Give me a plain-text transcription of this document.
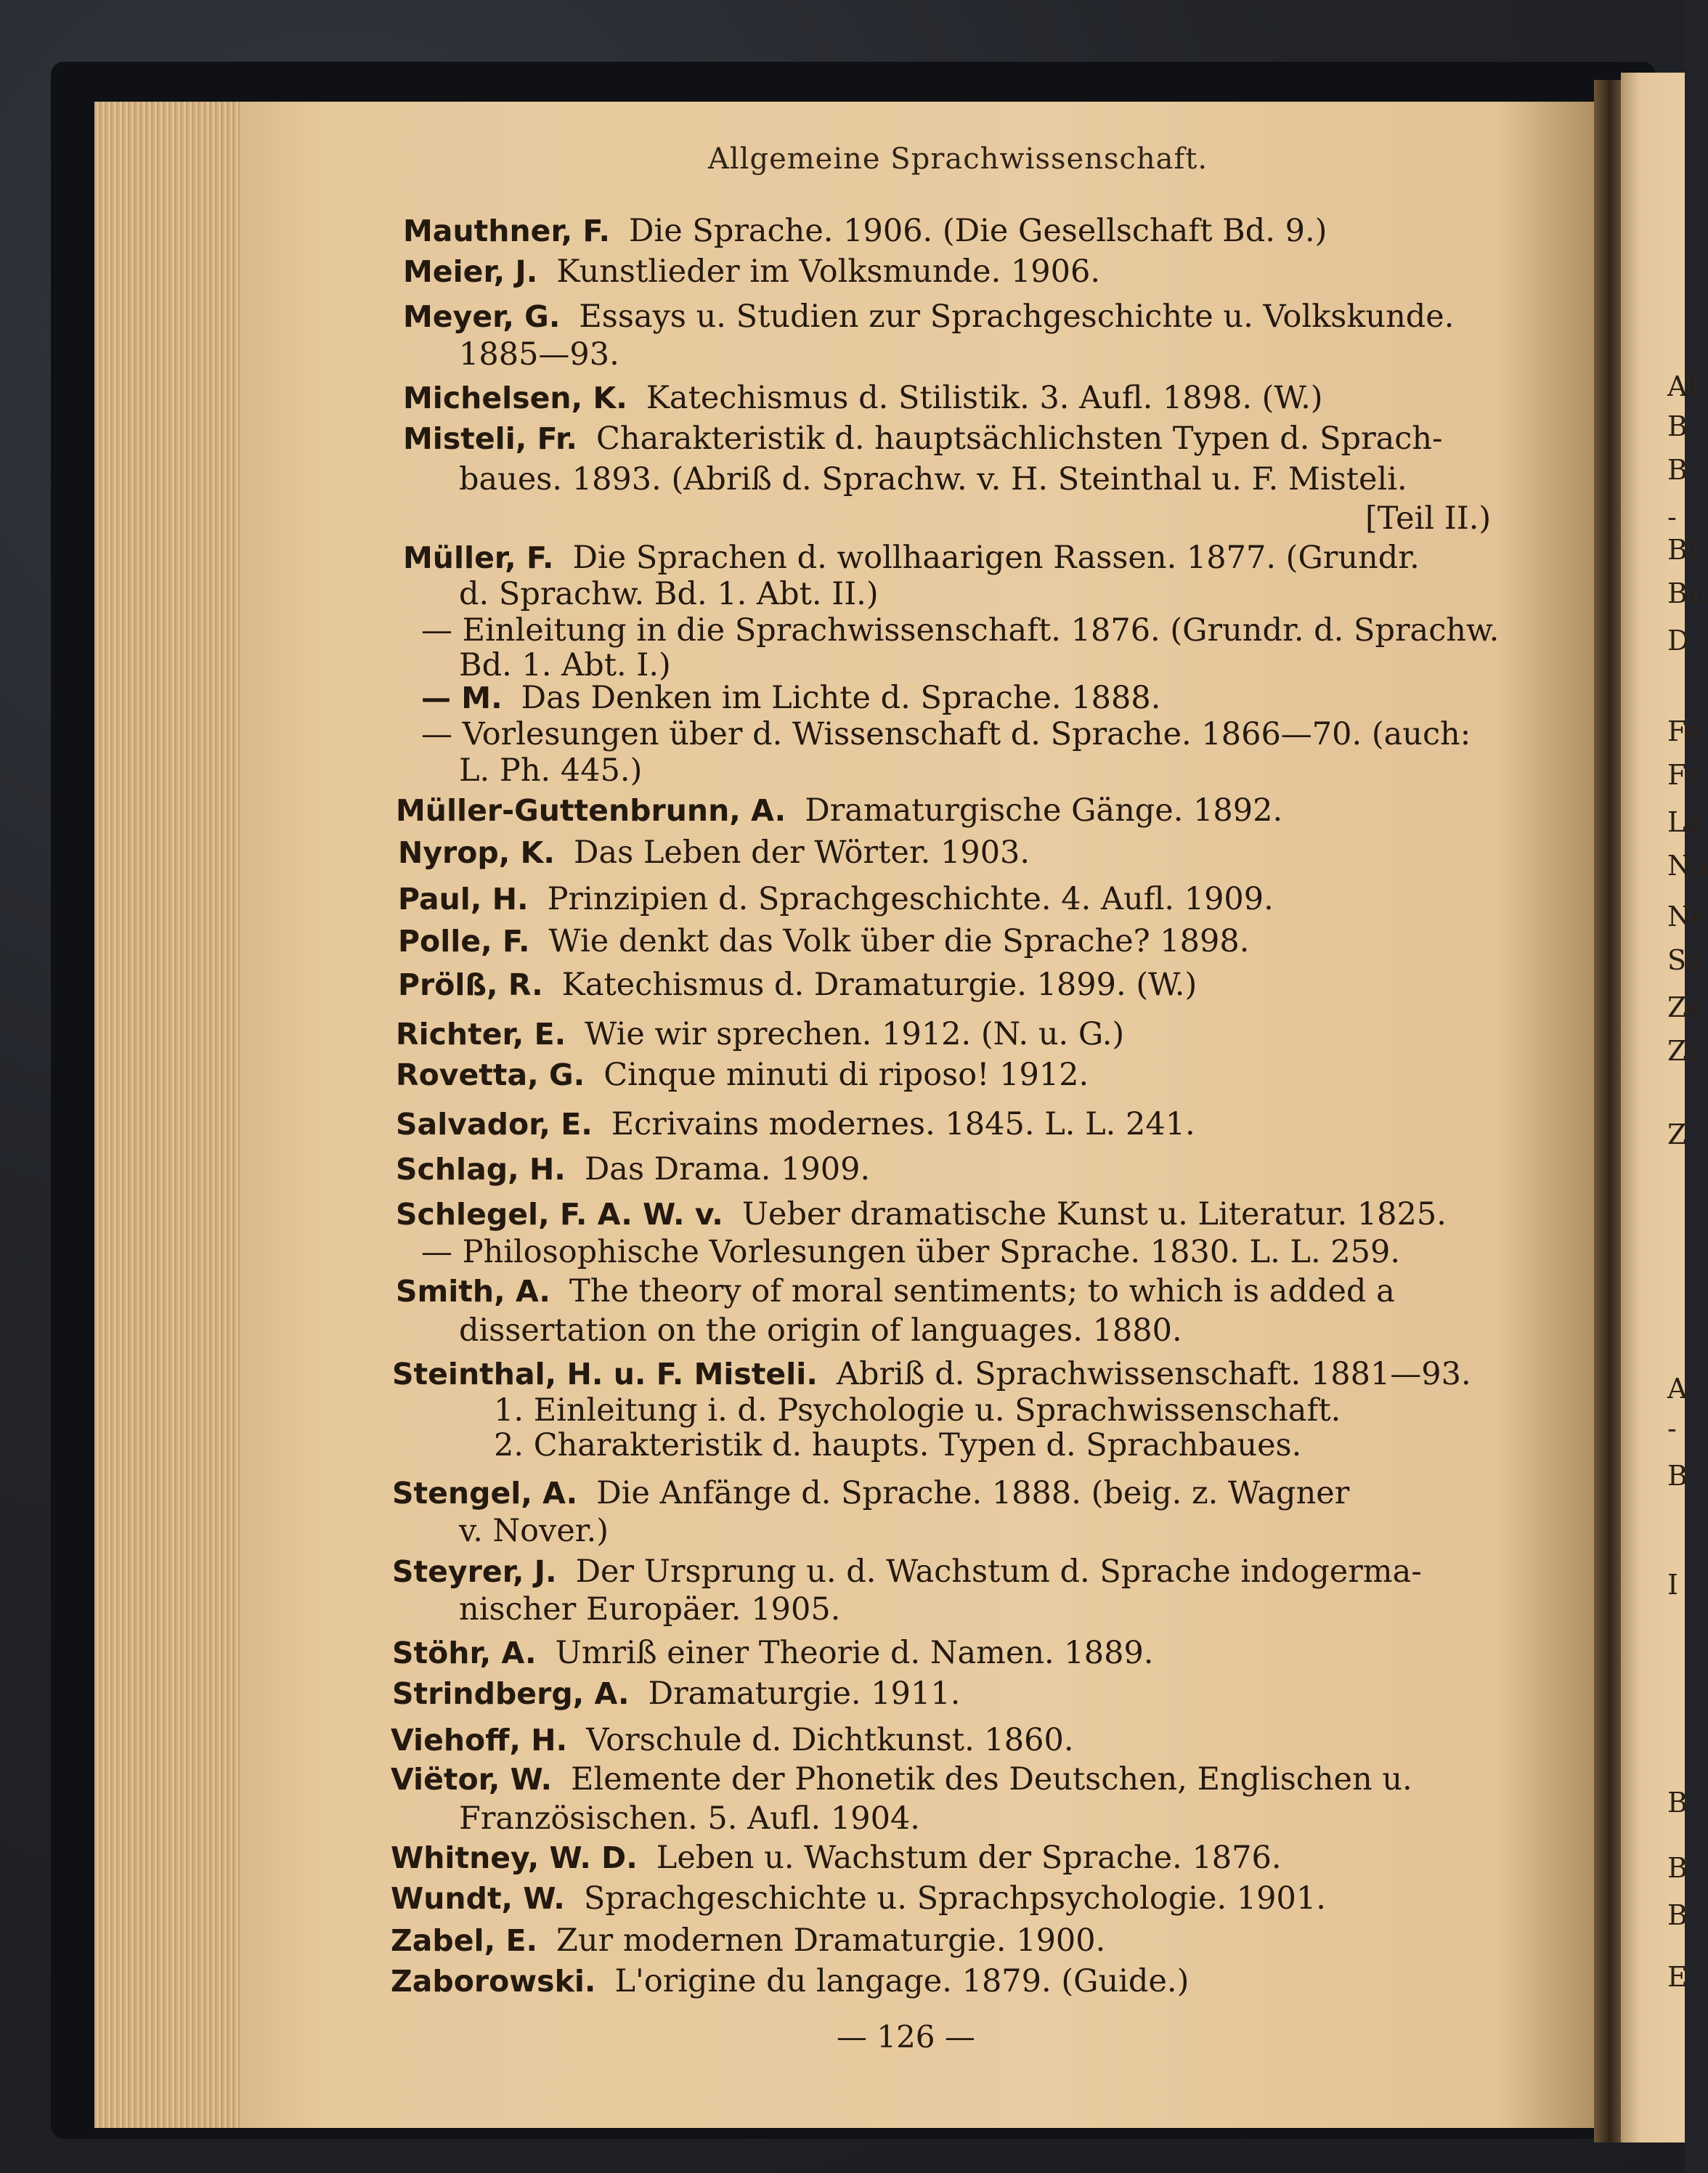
Al
B
B
-
Bl
Bu
D
Fe
Fr
Le
Na
Ne
Sa
Ze
Zi
Z
A
-
B
I
B
B
B
E
Allgemeine Sprachwissenschaft.
Mauthner, F. Die Sprache. 1906. (Die Gesellschaft Bd. 9.)
Meier, J. Kunstlieder im Volksmunde. 1906.
Meyer, G. Essays u. Studien zur Sprachgeschichte u. Volkskunde.
1885—93.
Michelsen, K. Katechismus d. Stilistik. 3. Aufl. 1898. (W.)
Misteli, Fr. Charakteristik d. hauptsächlichsten Typen d. Sprach-
baues. 1893. (Abriß d. Sprachw. v. H. Steinthal u. F. Misteli.
[Teil II.)
Müller, F. Die Sprachen d. wollhaarigen Rassen. 1877. (Grundr.
d. Sprachw. Bd. 1. Abt. II.)
— Einleitung in die Sprachwissenschaft. 1876. (Grundr. d. Sprachw.
Bd. 1. Abt. I.)
— M. Das Denken im Lichte d. Sprache. 1888.
— Vorlesungen über d. Wissenschaft d. Sprache. 1866—70. (auch:
L. Ph. 445.)
Müller-Guttenbrunn, A. Dramaturgische Gänge. 1892.
Nyrop, K. Das Leben der Wörter. 1903.
Paul, H. Prinzipien d. Sprachgeschichte. 4. Aufl. 1909.
Polle, F. Wie denkt das Volk über die Sprache? 1898.
Prölß, R. Katechismus d. Dramaturgie. 1899. (W.)
Richter, E. Wie wir sprechen. 1912. (N. u. G.)
Rovetta, G. Cinque minuti di riposo! 1912.
Salvador, E. Ecrivains modernes. 1845. L. L. 241.
Schlag, H. Das Drama. 1909.
Schlegel, F. A. W. v. Ueber dramatische Kunst u. Literatur. 1825.
— Philosophische Vorlesungen über Sprache. 1830. L. L. 259.
Smith, A. The theory of moral sentiments; to which is added a
dissertation on the origin of languages. 1880.
Steinthal, H. u. F. Misteli. Abriß d. Sprachwissenschaft. 1881—93.
1. Einleitung i. d. Psychologie u. Sprachwissenschaft.
2. Charakteristik d. haupts. Typen d. Sprachbaues.
Stengel, A. Die Anfänge d. Sprache. 1888. (beig. z. Wagner
v. Nover.)
Steyrer, J. Der Ursprung u. d. Wachstum d. Sprache indogerma-
nischer Europäer. 1905.
Stöhr, A. Umriß einer Theorie d. Namen. 1889.
Strindberg, A. Dramaturgie. 1911.
Viehoff, H. Vorschule d. Dichtkunst. 1860.
Viëtor, W. Elemente der Phonetik des Deutschen, Englischen u.
Französischen. 5. Aufl. 1904.
Whitney, W. D. Leben u. Wachstum der Sprache. 1876.
Wundt, W. Sprachgeschichte u. Sprachpsychologie. 1901.
Zabel, E. Zur modernen Dramaturgie. 1900.
Zaborowski. L'origine du langage. 1879. (Guide.)
— 126 —
